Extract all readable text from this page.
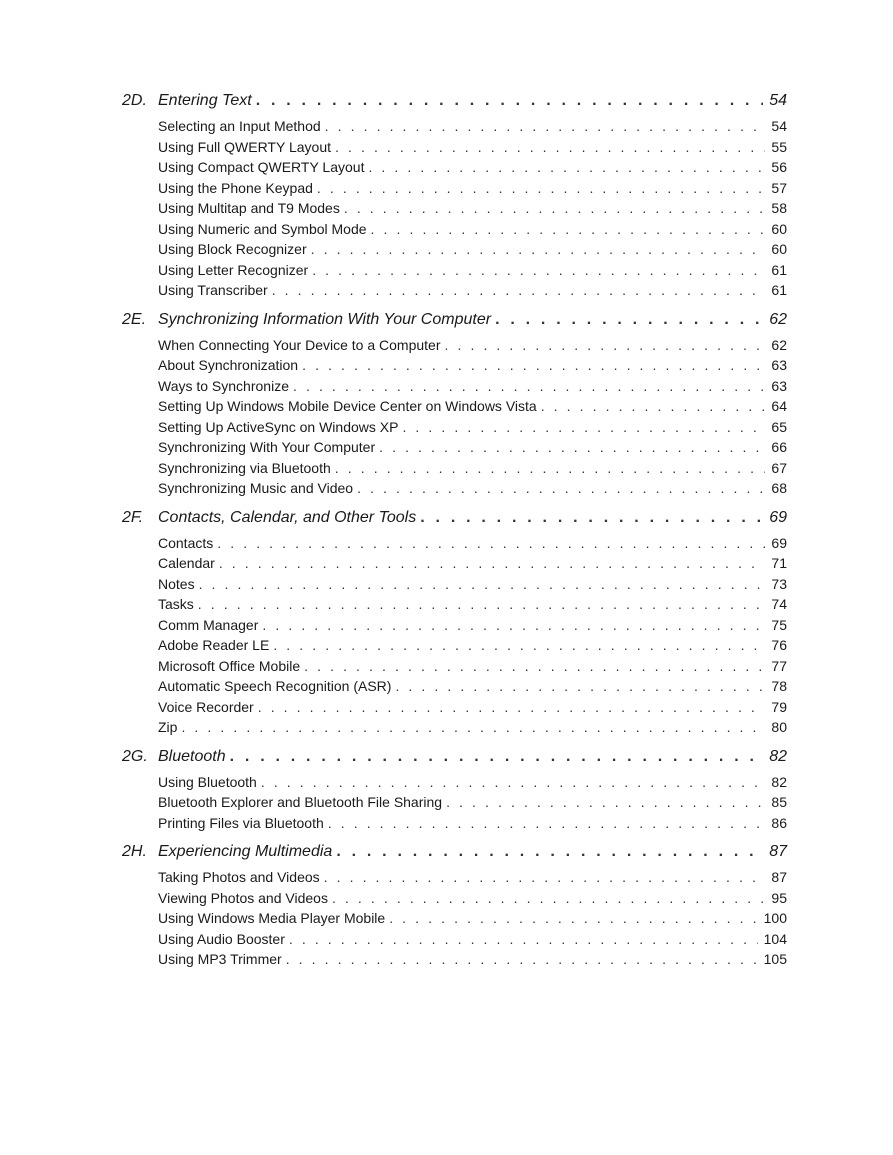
2D. Entering Text . . .	54
Selecting an Input Method . . .	54
Using Full QWERTY Layout . . .	55
Using Compact QWERTY Layout . . .	56
Using the Phone Keypad . . .	57
Using Multitap and T9 Modes . . .	58
Using Numeric and Symbol Mode . . .	60
Using Block Recognizer . . .	60
Using Letter Recognizer . . .	61
Using Transcriber . . .	61
2E. Synchronizing Information With Your Computer . . .	62
When Connecting Your Device to a Computer . . .	62
About Synchronization . . .	63
Ways to Synchronize . . .	63
Setting Up Windows Mobile Device Center on Windows Vista . . .	64
Setting Up ActiveSync on Windows XP . . .	65
Synchronizing With Your Computer . . .	66
Synchronizing via Bluetooth . . .	67
Synchronizing Music and Video . . .	68
2F. Contacts, Calendar, and Other Tools . . .	69
Contacts . . .	69
Calendar . . .	71
Notes . . .	73
Tasks . . .	74
Comm Manager . . .	75
Adobe Reader LE . . .	76
Microsoft Office Mobile . . .	77
Automatic Speech Recognition (ASR) . . .	78
Voice Recorder . . .	79
Zip . . .	80
2G. Bluetooth . . .	82
Using Bluetooth . . .	82
Bluetooth Explorer and Bluetooth File Sharing . . .	85
Printing Files via Bluetooth . . .	86
2H. Experiencing Multimedia . . .	87
Taking Photos and Videos . . .	87
Viewing Photos and Videos . . .	95
Using Windows Media Player Mobile . . .	100
Using Audio Booster . . .	104
Using MP3 Trimmer . . .	105
